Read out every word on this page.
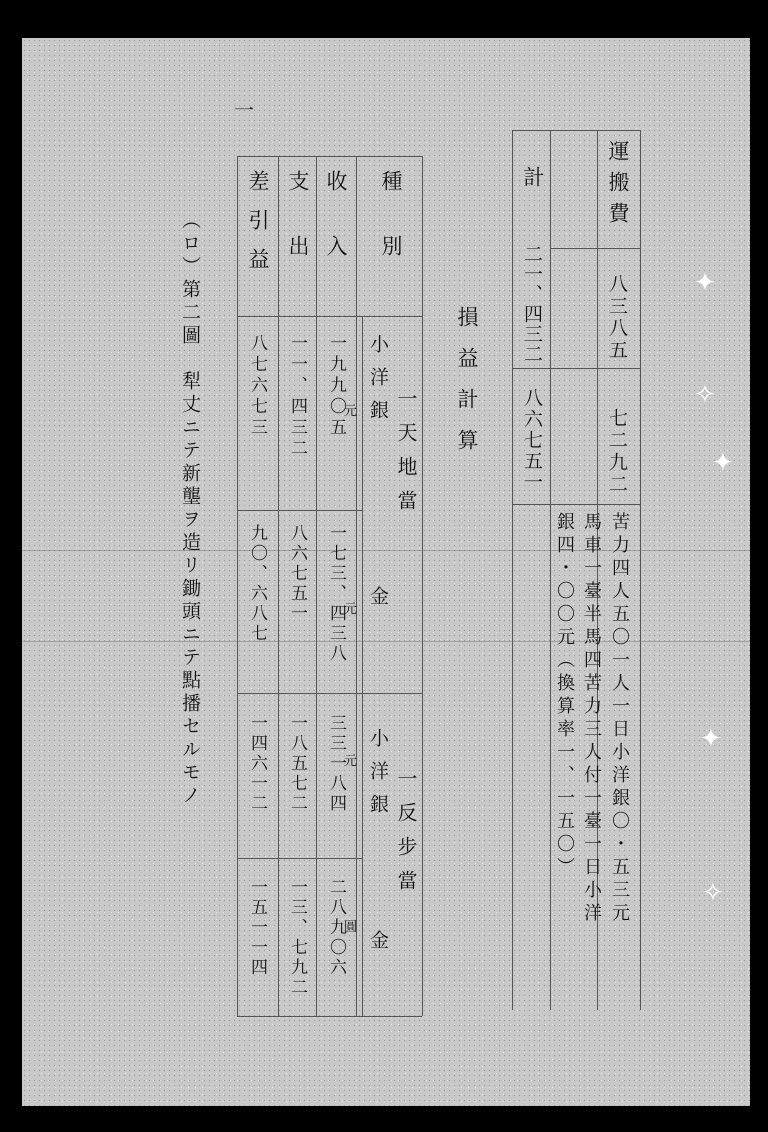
一
運搬費
八三八五
七二九二
計
二一、四三二
八六七五一
苦力四人五〇一人一日小洋銀〇・五三元
馬車一臺半馬四苦力三人付一臺一日小洋
銀四・〇〇元（換算率一、一五〇）
損益計算
種別
收入
支出
差引益
一天地當
一反步當
小洋銀
金
小洋銀
金
一九九〇五
一一、四三二
八七六七三
一七三、四三八
八六七五一
九〇、六八七
三三一八四
一八五七二
一四六一二
二八九〇六
一三、七九二
一五一一四
元
元
元
圓
（ロ）第二圖　犁丈ニテ新壟ヲ造リ鋤頭ニテ點播セルモノ	✦
✧
✦
✦
✧
